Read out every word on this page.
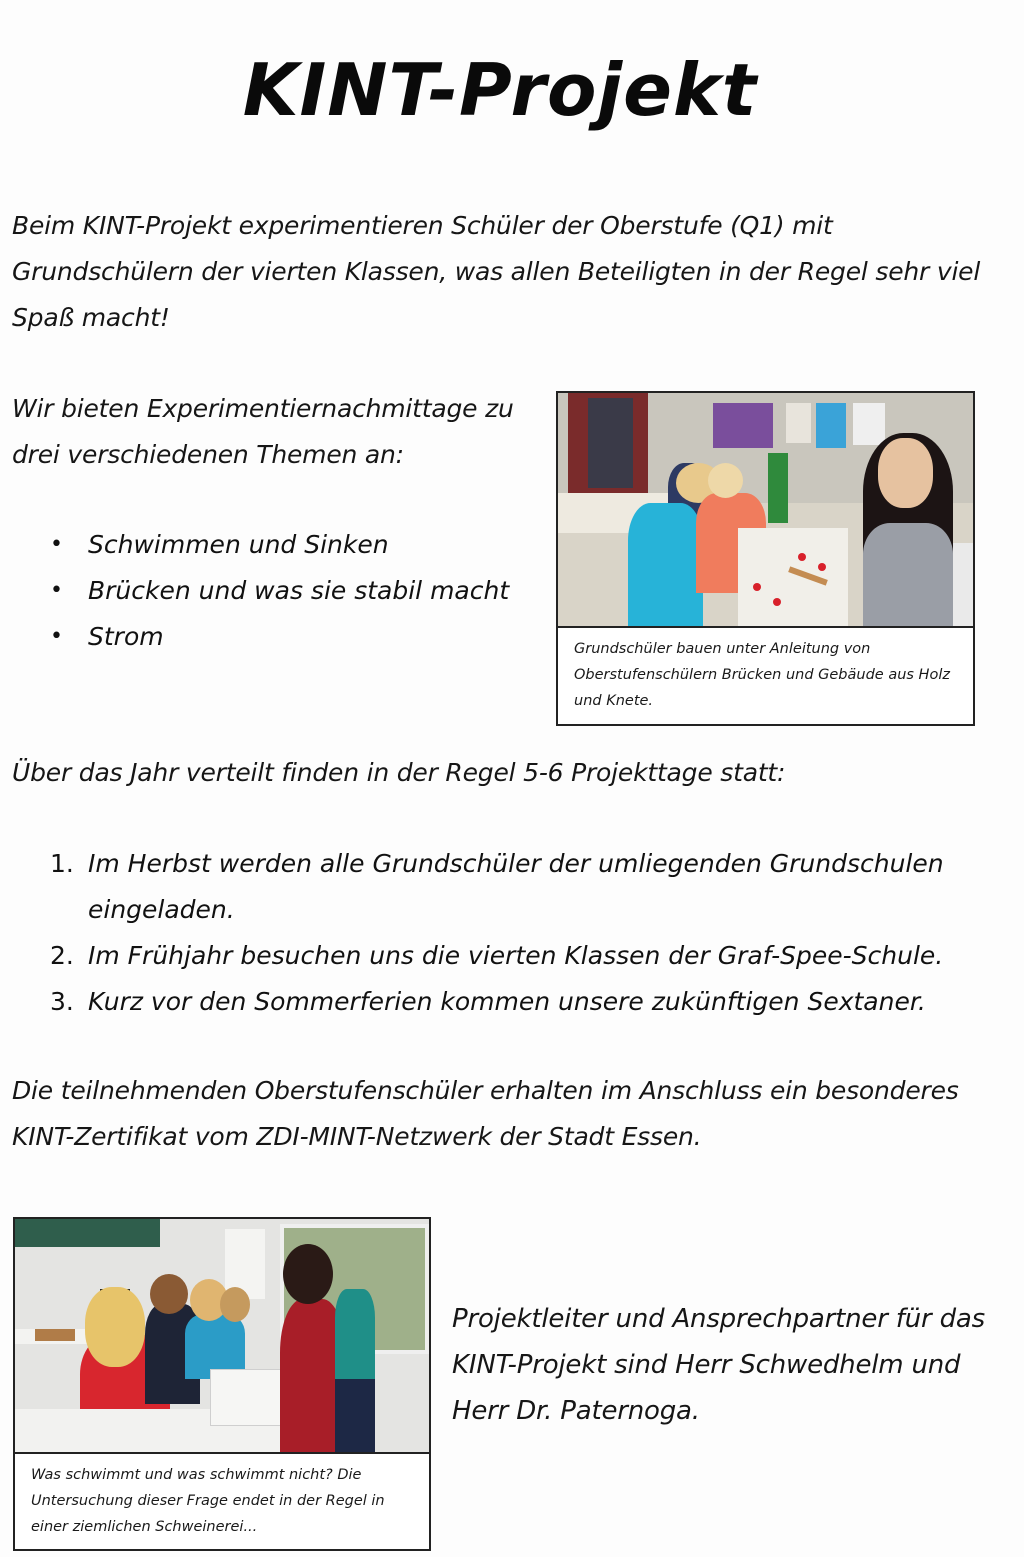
KINT-Projekt

Beim KINT-Projekt experimentieren Schüler der Oberstufe (Q1) mit Grundschülern der vierten Klassen, was allen Beteiligten in der Regel sehr viel Spaß macht!

Wir bieten Experimentiernachmittage zu drei verschiedenen Themen an:

•	Schwimmen und Sinken
•	Brücken und was sie stabil macht
•	Strom	Grundschüler bauen unter Anleitung von Oberstufenschülern Brücken und Gebäude aus Holz und Knete.

Über das Jahr verteilt finden in der Regel 5-6 Projekttage statt:

1. Im Herbst werden alle Grundschüler der umliegenden Grundschulen eingeladen.
2. Im Frühjahr besuchen uns die vierten Klassen der Graf-Spee-Schule.
3. Kurz vor den Sommerferien kommen unsere zukünftigen Sextaner.

Die teilnehmenden Oberstufenschüler erhalten im Anschluss ein besonderes KINT-Zertifikat vom ZDI-MINT-Netzwerk der Stadt Essen.

Was schwimmt und was schwimmt nicht? Die Untersuchung dieser Frage endet in der Regel in einer ziemlichen Schweinerei...

Projektleiter und Ansprechpartner für das KINT-Projekt sind Herr Schwedhelm und Herr Dr. Paternoga.
